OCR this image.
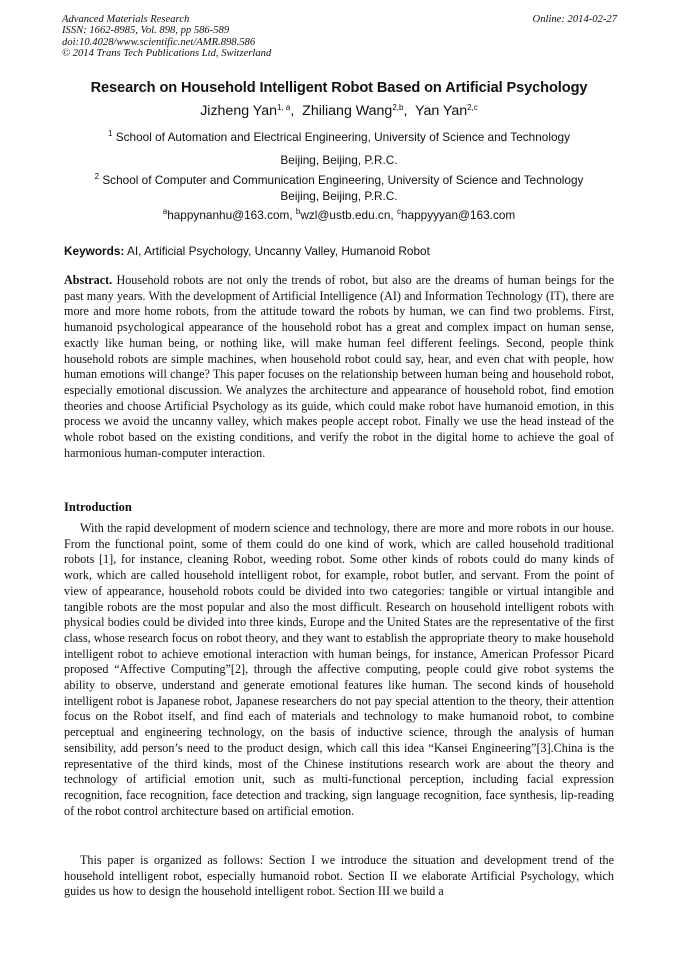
Advanced Materials Research
ISSN: 1662-8985, Vol. 898, pp 586-589
doi:10.4028/www.scientific.net/AMR.898.586
© 2014 Trans Tech Publications Ltd, Switzerland
Online: 2014-02-27
Research on Household Intelligent Robot Based on Artificial Psychology
Jizheng Yan$^{1, a}$,  Zhiliang Wang$^{2,b}$,  Yan Yan$^{2,c}$
$^1$ School of Automation and Electrical Engineering, University of Science and Technology
Beijing, Beijing, P.R.C.
$^2$ School of Computer and Communication Engineering, University of Science and Technology
Beijing, Beijing, P.R.C.
$^a$happynanhu@163.com, $^b$wzl@ustb.edu.cn, $^c$happyyyan@163.com
Keywords: AI, Artificial Psychology, Uncanny Valley, Humanoid Robot
Abstract. Household robots are not only the trends of robot, but also are the dreams of human beings for the past many years. With the development of Artificial Intelligence (AI) and Information Technology (IT), there are more and more home robots, from the attitude toward the robots by human, we can find two problems. First, humanoid psychological appearance of the household robot has a great and complex impact on human sense, exactly like human being, or nothing like, will make human feel different feelings. Second, people think household robots are simple machines, when household robot could say, hear, and even chat with people, how human emotions will change? This paper focuses on the relationship between human being and household robot, especially emotional discussion. We analyzes the architecture and appearance of household robot, find emotion theories and choose Artificial Psychology as its guide, which could make robot have humanoid emotion, in this process we avoid the uncanny valley, which makes people accept robot. Finally we use the head instead of the whole robot based on the existing conditions, and verify the robot in the digital home to achieve the goal of harmonious human-computer interaction.
Introduction
With the rapid development of modern science and technology, there are more and more robots in our house. From the functional point, some of them could do one kind of work, which are called household traditional robots [1], for instance, cleaning Robot, weeding robot. Some other kinds of robots could do many kinds of work, which are called household intelligent robot, for example, robot butler, and servant. From the point of view of appearance, household robots could be divided into two categories: tangible or virtual intangible and tangible robots are the most popular and also the most difficult. Research on household intelligent robots with physical bodies could be divided into three kinds, Europe and the United States are the representative of the first class, whose research focus on robot theory, and they want to establish the appropriate theory to make household intelligent robot to achieve emotional interaction with human beings, for instance, American Professor Picard proposed “Affective Computing”[2], through the affective computing, people could give robot systems the ability to observe, understand and generate emotional features like human. The second kinds of household intelligent robot is Japanese robot, Japanese researchers do not pay special attention to the theory, their attention focus on the Robot itself, and find each of materials and technology to make humanoid robot, to combine perceptual and engineering technology, on the basis of inductive science, through the analysis of human sensibility, add person’s need to the product design, which call this idea “Kansei Engineering”[3].China is the representative of the third kinds, most of the Chinese institutions research work are about the theory and technology of artificial emotion unit, such as multi-functional perception, including facial expression recognition, face recognition, face detection and tracking, sign language recognition, face synthesis, lip-reading of the robot control architecture based on artificial emotion.
This paper is organized as follows: Section I we introduce the situation and development trend of the household intelligent robot, especially humanoid robot. Section II we elaborate Artificial Psychology, which guides us how to design the household intelligent robot. Section III we build a
